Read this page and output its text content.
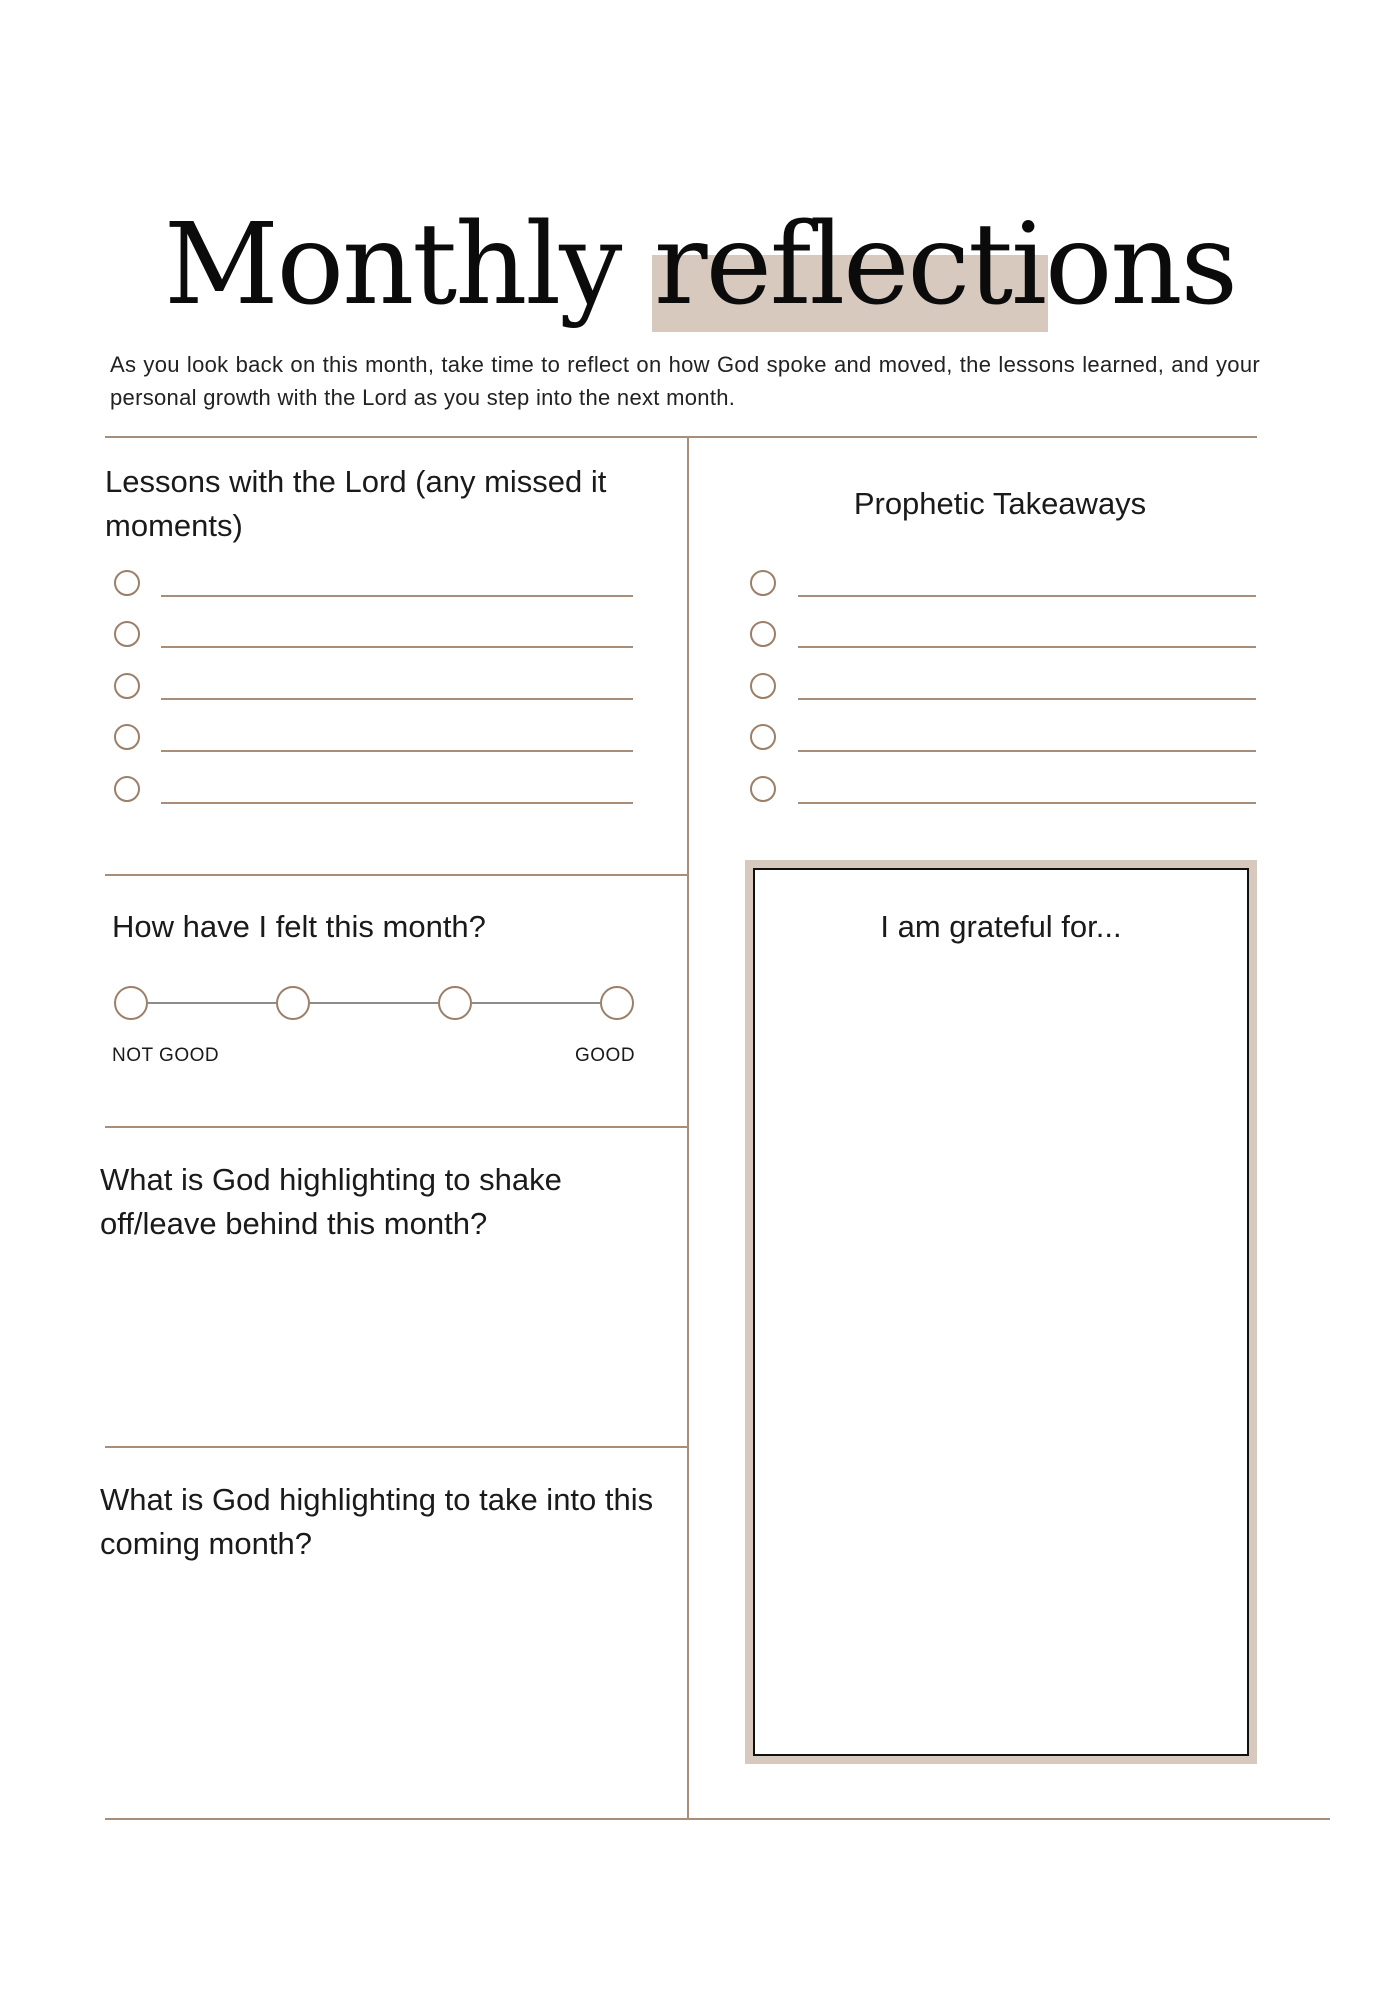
Monthly reflections
As you look back on this month, take time to reflect on how God spoke and moved, the lessons learned, and your personal growth with the Lord as you step into the next month.
Lessons with the Lord (any missed it moments)
Prophetic Takeaways
How have I felt this month?
NOT GOOD	GOOD
I am grateful for...
What is God highlighting to shake off/leave behind this month?
What is God highlighting to take into this coming month?
